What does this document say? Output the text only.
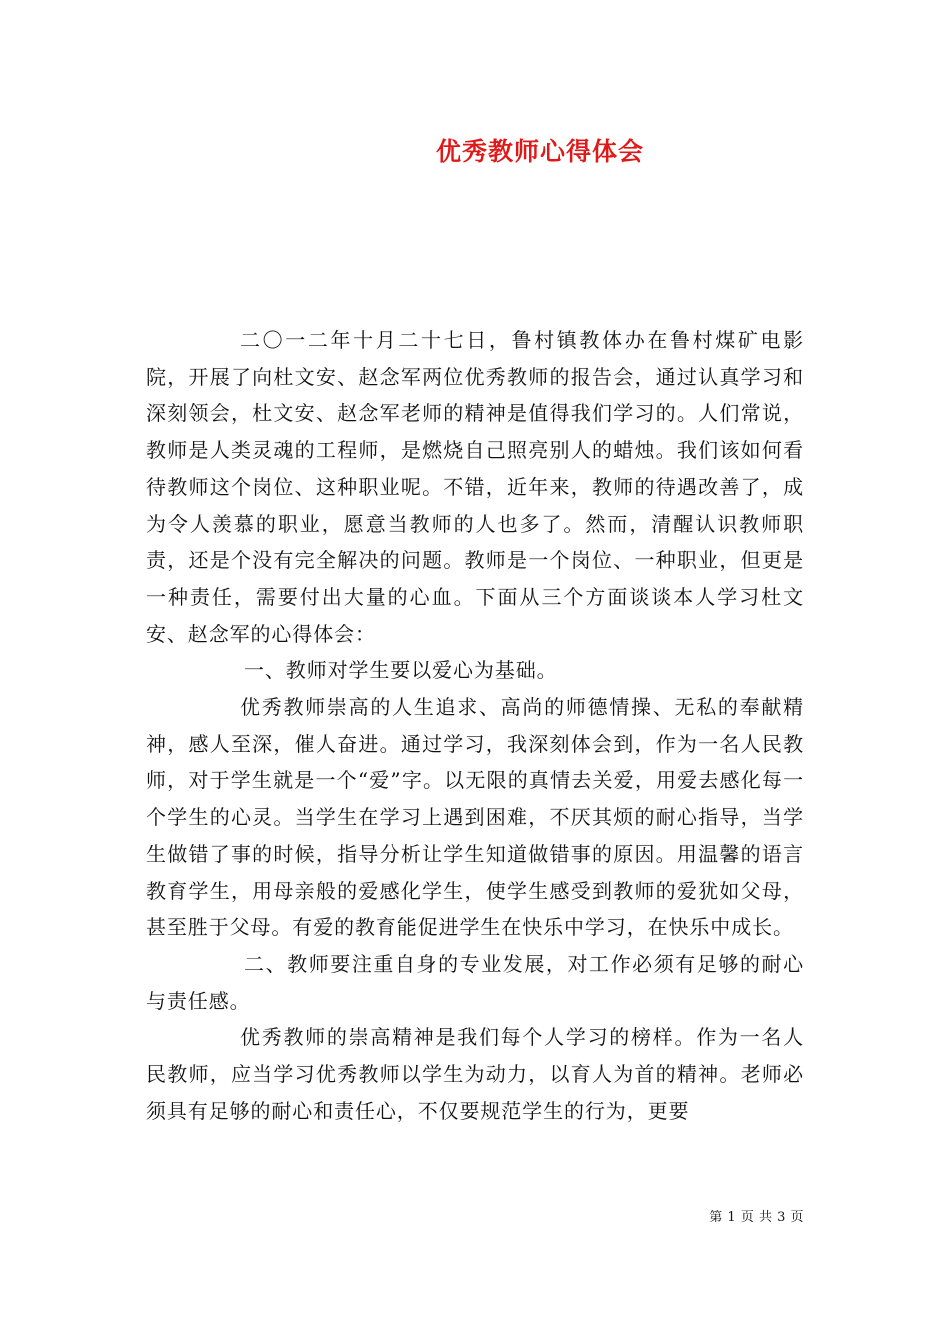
优秀教师心得体会

二〇一二年十月二十七日，鲁村镇教体办在鲁村煤矿电影院，开展了向杜文安、赵念军两位优秀教师的报告会，通过认真学习和深刻领会，杜文安、赵念军老师的精神是值得我们学习的。人们常说，教师是人类灵魂的工程师，是燃烧自己照亮别人的蜡烛。我们该如何看待教师这个岗位、这种职业呢。不错，近年来，教师的待遇改善了，成为令人羡慕的职业，愿意当教师的人也多了。然而，清醒认识教师职责，还是个没有完全解决的问题。教师是一个岗位、一种职业，但更是一种责任，需要付出大量的心血。下面从三个方面谈谈本人学习杜文安、赵念军的心得体会：

一、教师对学生要以爱心为基础。

优秀教师崇高的人生追求、高尚的师德情操、无私的奉献精神，感人至深，催人奋进。通过学习，我深刻体会到，作为一名人民教师，对于学生就是一个“爱”字。以无限的真情去关爱，用爱去感化每一个学生的心灵。当学生在学习上遇到困难，不厌其烦的耐心指导，当学生做错了事的时候，指导分析让学生知道做错事的原因。用温馨的语言教育学生，用母亲般的爱感化学生，使学生感受到教师的爱犹如父母，甚至胜于父母。有爱的教育能促进学生在快乐中学习，在快乐中成长。

二、教师要注重自身的专业发展，对工作必须有足够的耐心与责任感。

优秀教师的崇高精神是我们每个人学习的榜样。作为一名人民教师，应当学习优秀教师以学生为动力，以育人为首的精神。老师必须具有足够的耐心和责任心，不仅要规范学生的行为，更要

第 1 页 共 3 页
